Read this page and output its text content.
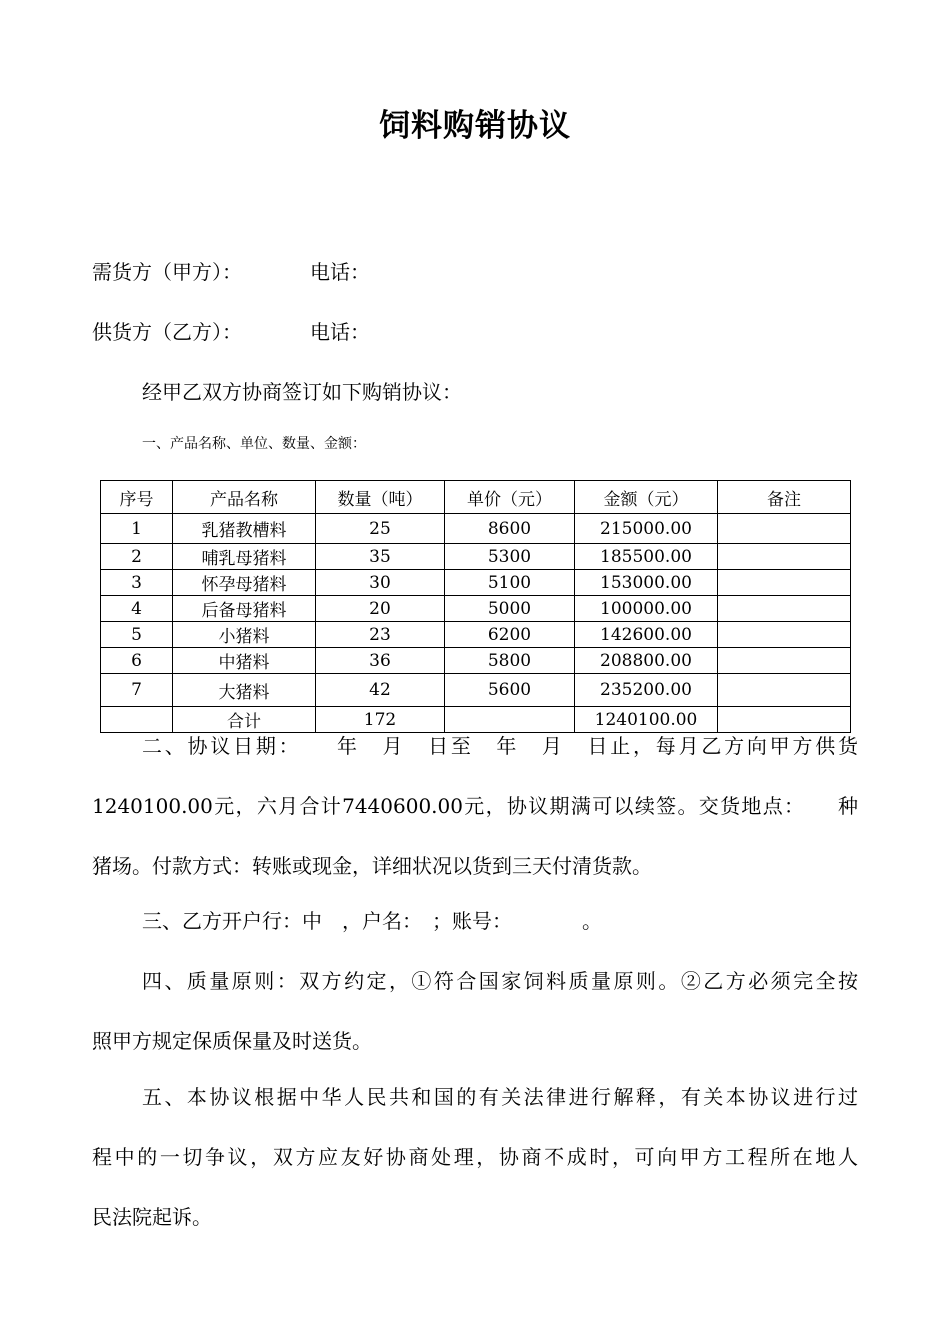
饲料购销协议
需货方（甲方）：	电话：
供货方（乙方）：	电话：
经甲乙双方协商签订如下购销协议：
一、产品名称、单位、数量、金额：
序号	产品名称	数量（吨）	单价（元）	金额（元）	备注
1	乳猪教槽料	25	8600	215000.00	
2	哺乳母猪料	35	5300	185500.00	
3	怀孕母猪料	30	5100	153000.00	
4	后备母猪料	20	5000	100000.00	
5	小猪料	23	6200	142600.00	
6	中猪料	36	5800	208800.00	
7	大猪料	42	5600	235200.00	
	合计	172		1240100.00	

二、协议日期：　　年　月　日至　年　月　日止，每月乙方向甲方供货

1240100.00元，六月合计7440600.00元，协议期满可以续签。交货地点：　　种

猪场。付款方式：转账或现金，详细状况以货到三天付清货款。

三、乙方开户行：中　，户名：　；账号：　　　　。

四、质量原则：双方约定，①符合国家饲料质量原则。②乙方必须完全按

照甲方规定保质保量及时送货。

五、本协议根据中华人民共和国的有关法律进行解释，有关本协议进行过

程中的一切争议，双方应友好协商处理，协商不成时，可向甲方工程所在地人

民法院起诉。
